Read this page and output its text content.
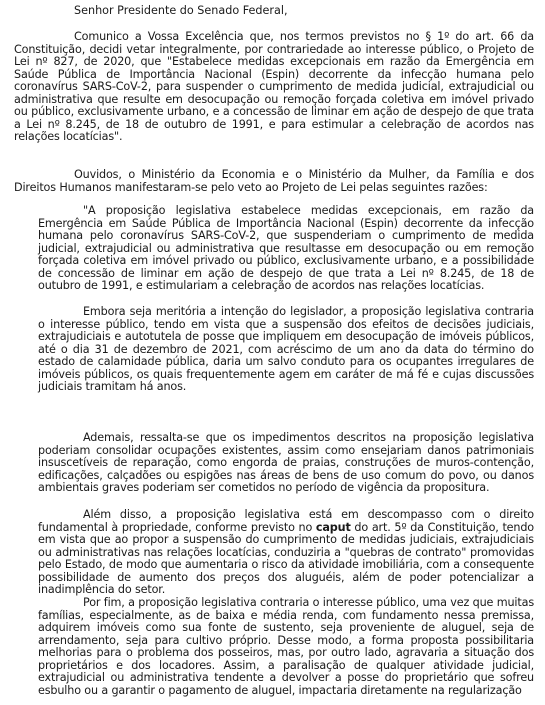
Senhor Presidente do Senado Federal,

Comunico a Vossa Excelência que, nos termos previstos no § 1º do art. 66 da Constituição, decidi vetar integralmente, por contrariedade ao interesse público, o Projeto de Lei nº 827, de 2020, que "Estabelece medidas excepcionais em razão da Emergência em Saúde Pública de Importância Nacional (Espin) decorrente da infecção humana pelo coronavírus SARS-CoV-2, para suspender o cumprimento de medida judicial, extrajudicial ou administrativa que resulte em desocupação ou remoção forçada coletiva em imóvel privado ou público, exclusivamente urbano, e a concessão de liminar em ação de despejo de que trata a Lei nº 8.245, de 18 de outubro de 1991, e para estimular a celebração de acordos nas relações locatícias".

Ouvidos, o Ministério da Economia e o Ministério da Mulher, da Família e dos Direitos Humanos manifestaram-se pelo veto ao Projeto de Lei pelas seguintes razões:

"A proposição legislativa estabelece medidas excepcionais, em razão da Emergência em Saúde Pública de Importância Nacional (Espin) decorrente da infecção humana pelo coronavírus SARS-CoV-2, que suspenderiam o cumprimento de medida judicial, extrajudicial ou administrativa que resultasse em desocupação ou em remoção forçada coletiva em imóvel privado ou público, exclusivamente urbano, e a possibilidade de concessão de liminar em ação de despejo de que trata a Lei nº 8.245, de 18 de outubro de 1991, e estimulariam a celebração de acordos nas relações locatícias.

Embora seja meritória a intenção do legislador, a proposição legislativa contraria o interesse público, tendo em vista que a suspensão dos efeitos de decisões judiciais, extrajudiciais e autotutela de posse que impliquem em desocupação de imóveis públicos, até o dia 31 de dezembro de 2021, com acréscimo de um ano da data do término do estado de calamidade pública, daria um salvo conduto para os ocupantes irregulares de imóveis públicos, os quais frequentemente agem em caráter de má fé e cujas discussões judiciais tramitam há anos.

Ademais, ressalta-se que os impedimentos descritos na proposição legislativa poderiam consolidar ocupações existentes, assim como ensejariam danos patrimoniais insuscetíveis de reparação, como engorda de praias, construções de muros-contenção, edificações, calçadões ou espigões nas áreas de bens de uso comum do povo, ou danos ambientais graves poderiam ser cometidos no período de vigência da propositura.

Além disso, a proposição legislativa está em descompasso com o direito fundamental à propriedade, conforme previsto no caput do art. 5º da Constituição, tendo em vista que ao propor a suspensão do cumprimento de medidas judiciais, extrajudiciais ou administrativas nas relações locatícias, conduziria a "quebras de contrato" promovidas pelo Estado, de modo que aumentaria o risco da atividade imobiliária, com a consequente possibilidade de aumento dos preços dos aluguéis, além de poder potencializar a inadimplência do setor.

Por fim, a proposição legislativa contraria o interesse público, uma vez que muitas famílias, especialmente, as de baixa e média renda, com fundamento nessa premissa, adquirem imóveis como sua fonte de sustento, seja proveniente de aluguel, seja de arrendamento, seja para cultivo próprio. Desse modo, a forma proposta possibilitaria melhorias para o problema dos posseiros, mas, por outro lado, agravaria a situação dos proprietários e dos locadores. Assim, a paralisação de qualquer atividade judicial, extrajudicial ou administrativa tendente a devolver a posse do proprietário que sofreu esbulho ou a garantir o pagamento de aluguel, impactaria diretamente na regularização
